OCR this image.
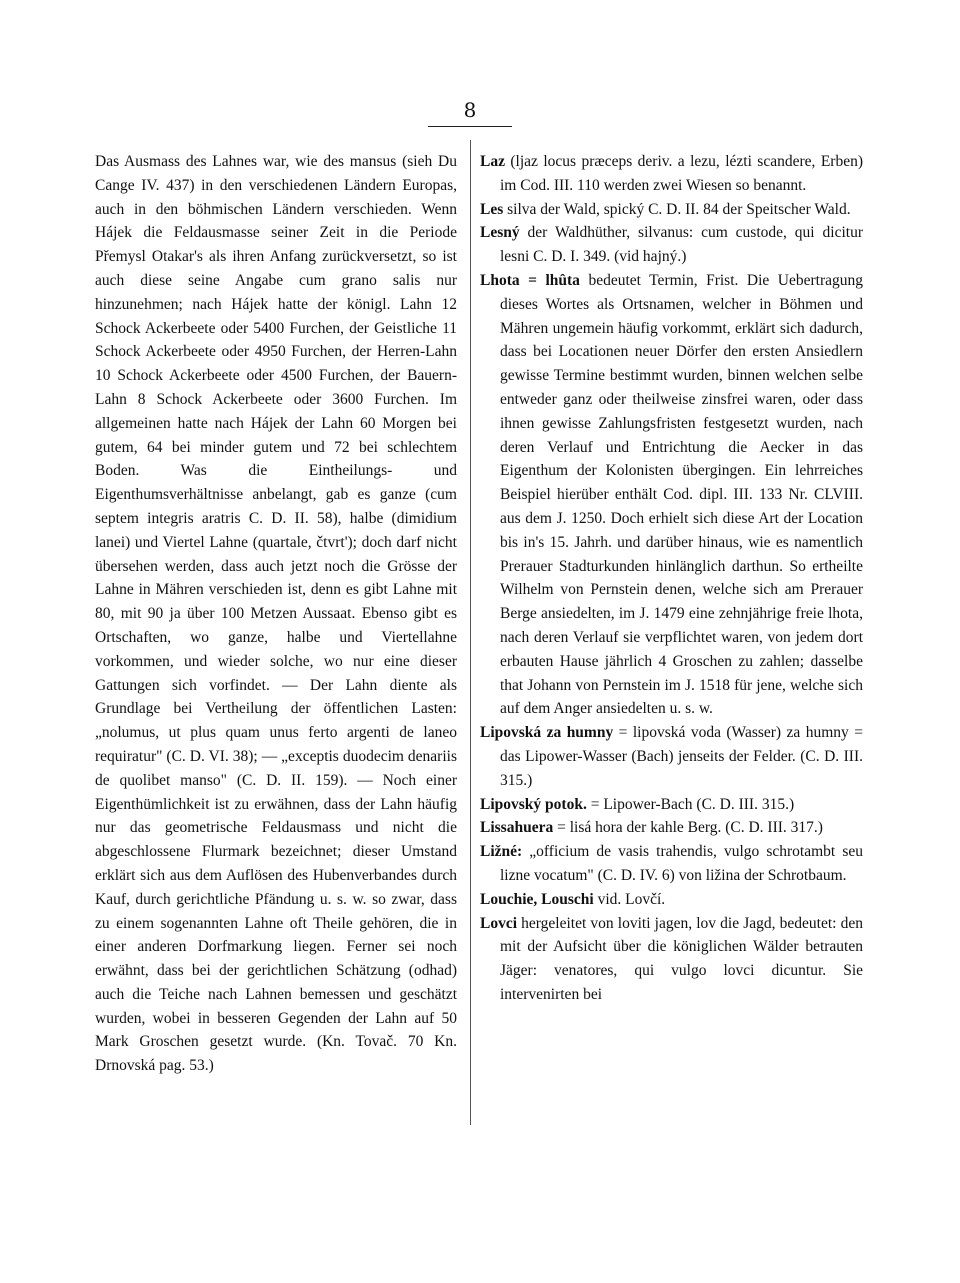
8

Das Ausmass des Lahnes war, wie des mansus (sieh Du Cange IV. 437) in den verschiedenen Ländern Europas, auch in den böhmischen Ländern verschieden. Wenn Hájek die Feldausmasse seiner Zeit in die Periode Přemysl Otakar's als ihren Anfang zurückversetzt, so ist auch diese seine Angabe cum grano salis nur hinzunehmen; nach Hájek hatte der königl. Lahn 12 Schock Ackerbeete oder 5400 Furchen, der Geistliche 11 Schock Ackerbeete oder 4950 Furchen, der Herren-Lahn 10 Schock Ackerbeete oder 4500 Furchen, der Bauern-Lahn 8 Schock Ackerbeete oder 3600 Furchen. Im allgemeinen hatte nach Hájek der Lahn 60 Morgen bei gutem, 64 bei minder gutem und 72 bei schlechtem Boden. Was die Eintheilungs- und Eigenthumsverhältnisse anbelangt, gab es ganze (cum septem integris aratris C. D. II. 58), halbe (dimidium lanei) und Viertel Lahne (quartale, čtvrt'); doch darf nicht übersehen werden, dass auch jetzt noch die Grösse der Lahne in Mähren verschieden ist, denn es gibt Lahne mit 80, mit 90 ja über 100 Metzen Aussaat. Ebenso gibt es Ortschaften, wo ganze, halbe und Viertellahne vorkommen, und wieder solche, wo nur eine dieser Gattungen sich vorfindet. — Der Lahn diente als Grundlage bei Vertheilung der öffentlichen Lasten: „nolumus, ut plus quam unus ferto argenti de laneo requiratur" (C. D. VI. 38); — „exceptis duodecim denariis de quolibet manso" (C. D. II. 159). — Noch einer Eigenthümlichkeit ist zu erwähnen, dass der Lahn häufig nur das geometrische Feldausmass und nicht die abgeschlossene Flurmark bezeichnet; dieser Umstand erklärt sich aus dem Auflösen des Hubenverbandes durch Kauf, durch gerichtliche Pfändung u. s. w. so zwar, dass zu einem sogenannten Lahne oft Theile gehören, die in einer anderen Dorfmarkung liegen. Ferner sei noch erwähnt, dass bei der gerichtlichen Schätzung (odhad) auch die Teiche nach Lahnen bemessen und geschätzt wurden, wobei in besseren Gegenden der Lahn auf 50 Mark Groschen gesetzt wurde. (Kn. Tovač. 70 Kn. Drnovská pag. 53.)

Laz (ljaz locus præceps deriv. a lezu, lézti scandere, Erben) im Cod. III. 110 werden zwei Wiesen so benannt.

Les silva der Wald, spický C. D. II. 84 der Speitscher Wald.

Lesný der Waldhüther, silvanus: cum custode, qui dicitur lesni C. D. I. 349. (vid hajný.)

Lhota = lhûta bedeutet Termin, Frist. Die Uebertragung dieses Wortes als Ortsnamen, welcher in Böhmen und Mähren ungemein häufig vorkommt, erklärt sich dadurch, dass bei Locationen neuer Dörfer den ersten Ansiedlern gewisse Termine bestimmt wurden, binnen welchen selbe entweder ganz oder theilweise zinsfrei waren, oder dass ihnen gewisse Zahlungsfristen festgesetzt wurden, nach deren Verlauf und Entrichtung die Aecker in das Eigenthum der Kolonisten übergingen. Ein lehrreiches Beispiel hierüber enthält Cod. dipl. III. 133 Nr. CLVIII. aus dem J. 1250. Doch erhielt sich diese Art der Location bis in's 15. Jahrh. und darüber hinaus, wie es namentlich Prerauer Stadturkunden hinlänglich darthun. So ertheilte Wilhelm von Pernstein denen, welche sich am Prerauer Berge ansiedelten, im J. 1479 eine zehnjährige freie lhota, nach deren Verlauf sie verpflichtet waren, von jedem dort erbauten Hause jährlich 4 Groschen zu zahlen; dasselbe that Johann von Pernstein im J. 1518 für jene, welche sich auf dem Anger ansiedelten u. s. w.

Lipovská za humny = lipovská voda (Wasser) za humny = das Lipower-Wasser (Bach) jenseits der Felder. (C. D. III. 315.)

Lipovský potok. = Lipower-Bach (C. D. III. 315.)

Lissahuera = lisá hora der kahle Berg. (C. D. III. 317.)

Ližné: „officium de vasis trahendis, vulgo schrotambt seu lizne vocatum" (C. D. IV. 6) von ližina der Schrotbaum.

Louchie, Louschi vid. Lovčí.

Lovci hergeleitet von loviti jagen, lov die Jagd, bedeutet: den mit der Aufsicht über die königlichen Wälder betrauten Jäger: venatores, qui vulgo lovci dicuntur. Sie intervenirten bei
